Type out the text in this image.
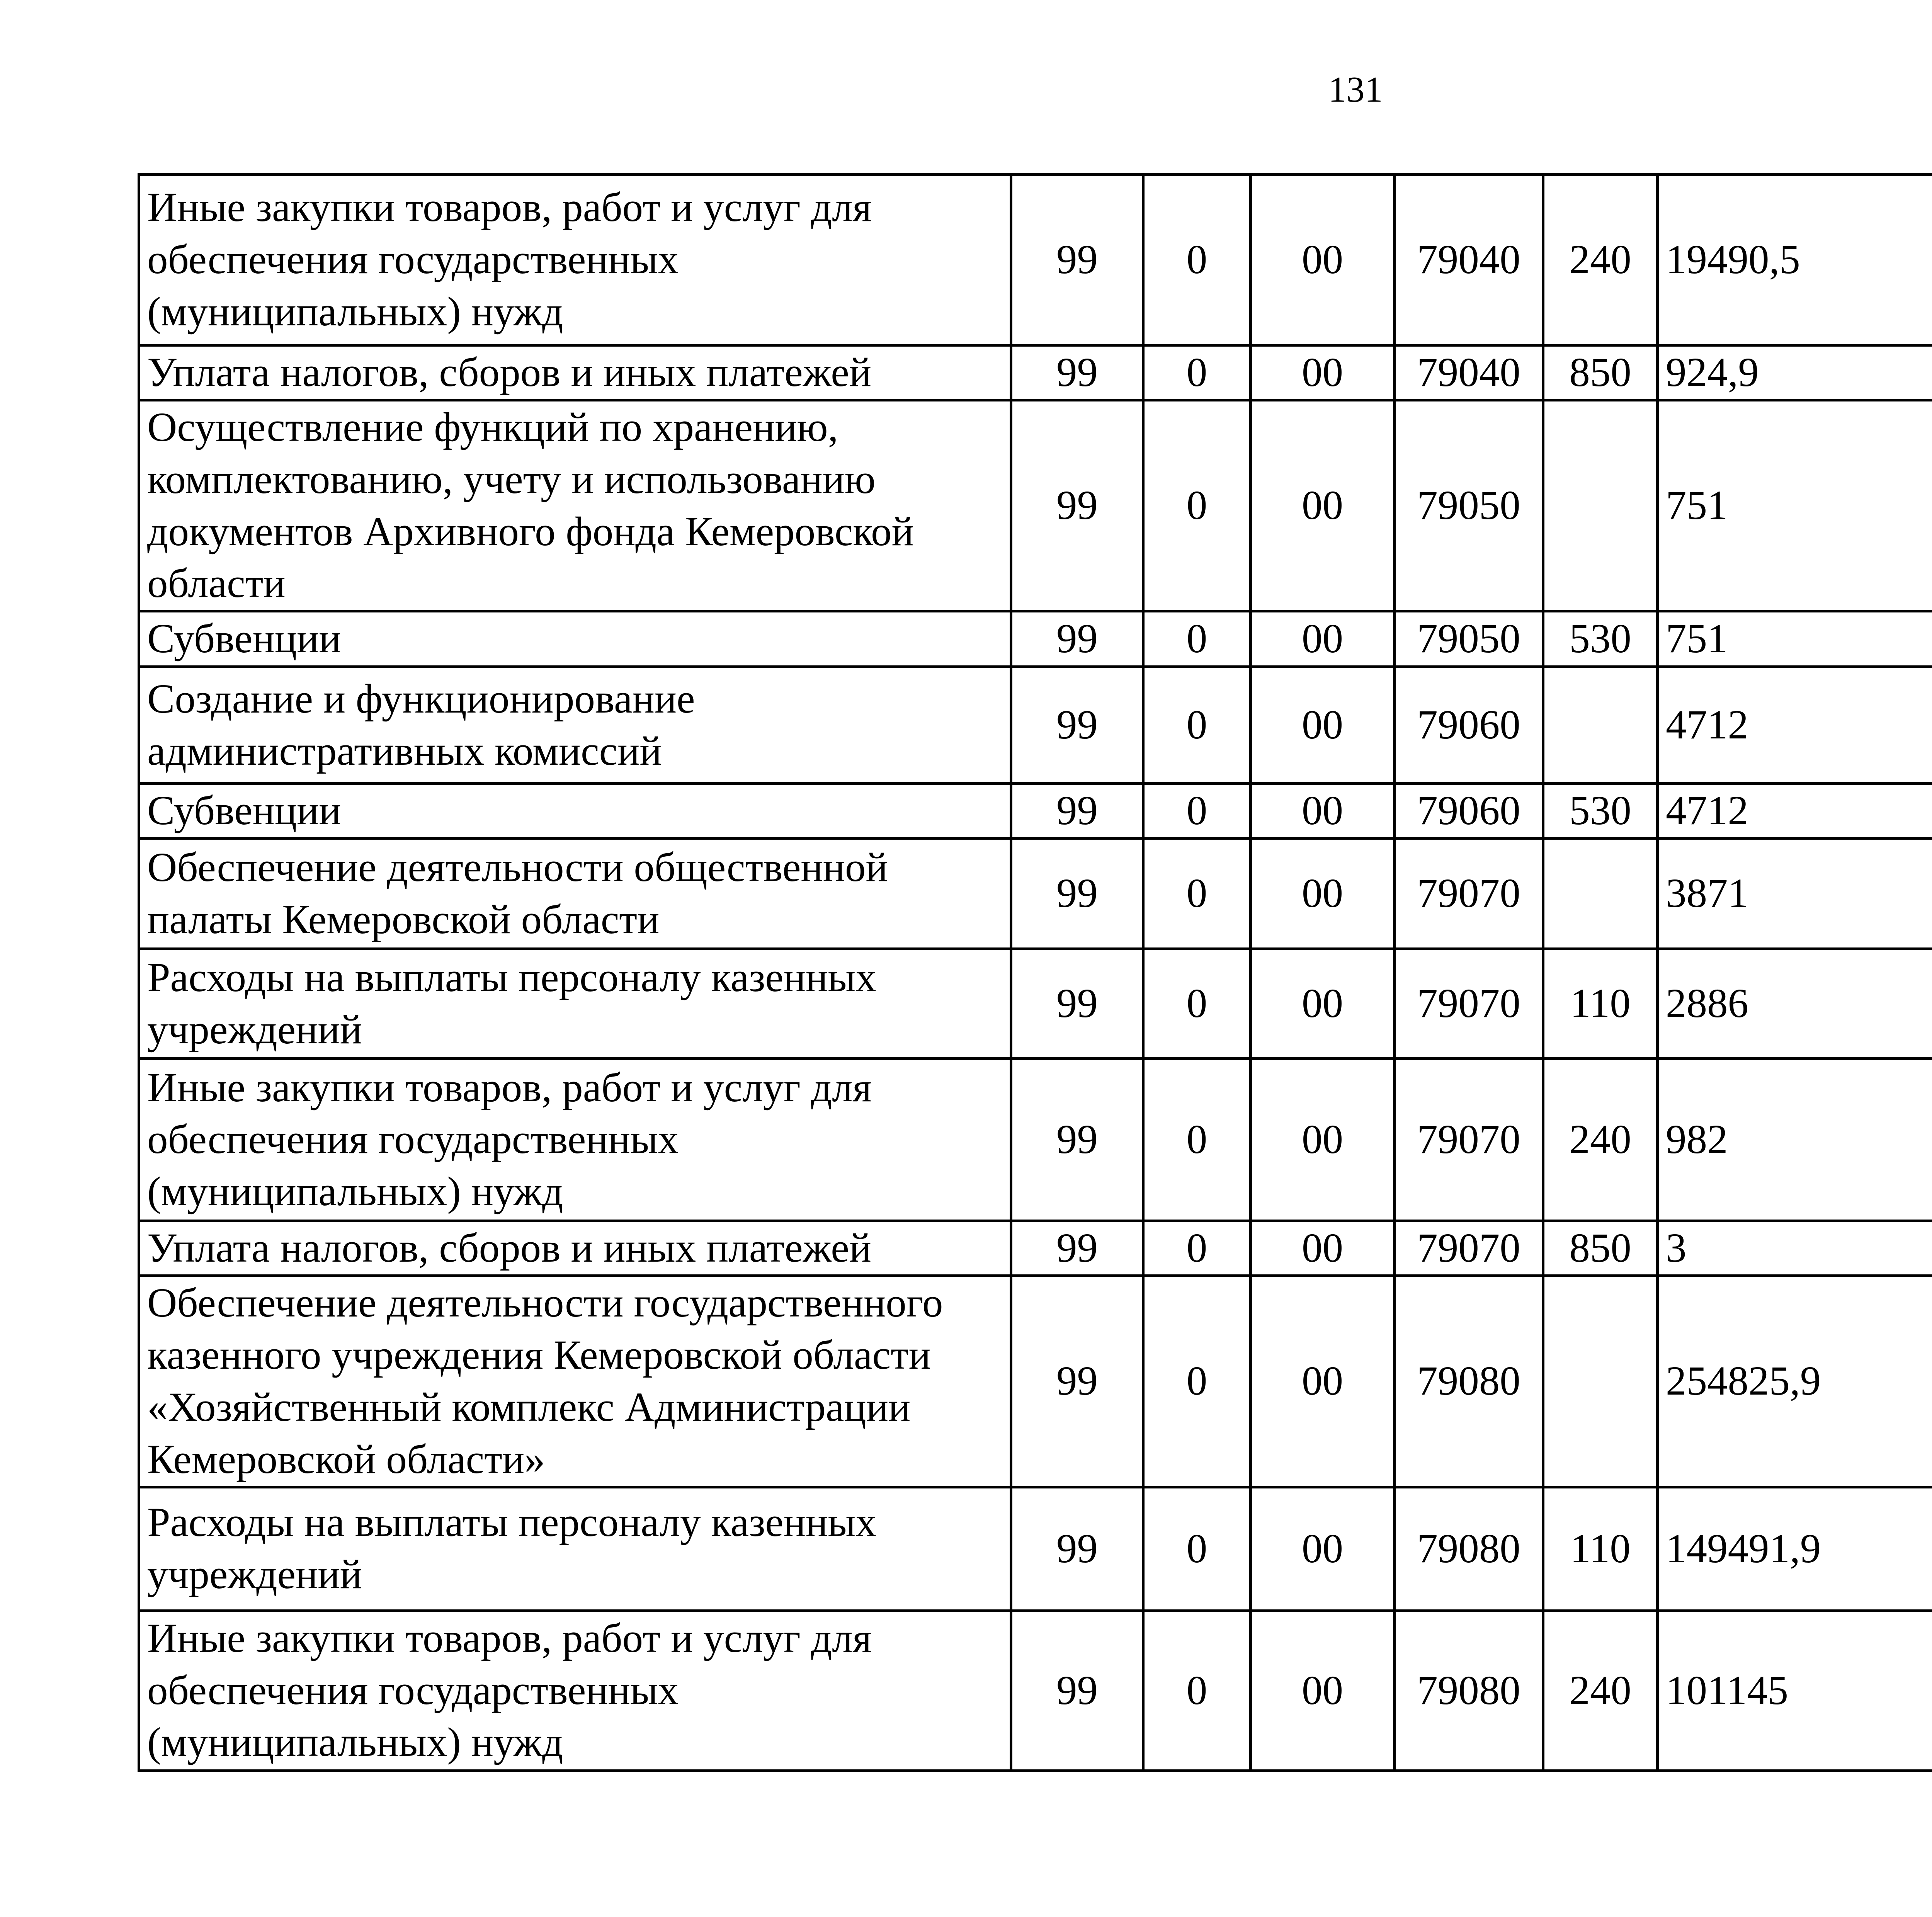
131
Иные закупки товаров, работ и услуг для обеспечения государственных (муниципальных) нужд	99	0	00	79040	240	19490,5		
Уплата налогов, сборов и иных платежей	99	0	00	79040	850	924,9		
Осуществление функций по хранению, комплектованию, учету и использованию документов Архивного фонда Кемеровской области	99	0	00	79050		751		
Субвенции	99	0	00	79050	530	751		
Создание и функционирование административных комиссий	99	0	00	79060		4712		
Субвенции	99	0	00	79060	530	4712		
Обеспечение деятельности общественной палаты Кемеровской области	99	0	00	79070		3871		
Расходы на выплаты персоналу казенных учреждений	99	0	00	79070	110	2886		
Иные закупки товаров, работ и услуг для обеспечения государственных (муниципальных) нужд	99	0	00	79070	240	982		
Уплата налогов, сборов и иных платежей	99	0	00	79070	850	3		
Обеспечение деятельности государственного казенного учреждения Кемеровской области «Хозяйственный комплекс Администрации Кемеровской области»	99	0	00	79080		254825,9		
Расходы на выплаты персоналу казенных учреждений	99	0	00	79080	110	149491,9		
Иные закупки товаров, работ и услуг для обеспечения государственных (муниципальных) нужд	99	0	00	79080	240	101145		
